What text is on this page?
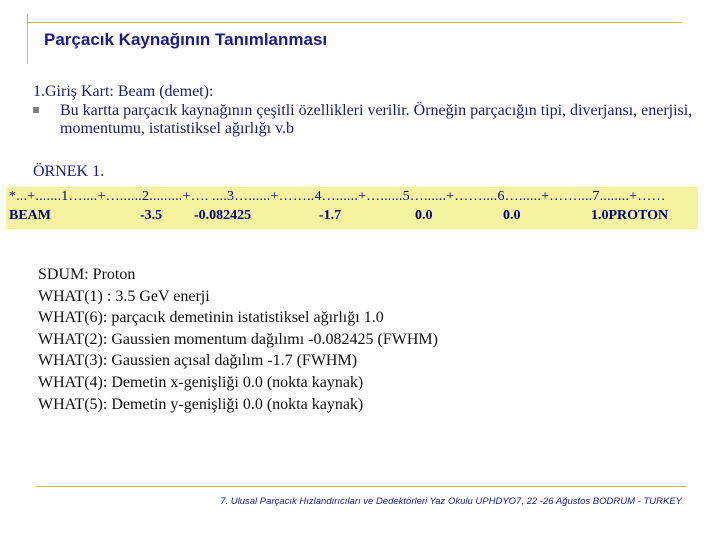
Parçacık Kaynağının Tanımlanması
1.Giriş Kart: Beam (demet):
Bu kartta parçacık kaynağının çeşitli özellikleri verilir. Örneğin parçacığın tipi, diverjansı, enerjisi, momentumu, istatistiksel ağırlığı v.b
ÖRNEK 1.
*...+.......1…....+…......2.........+…. ....3…......+……..4…......+…......5…......+……....6…......+……....7........+……
BEAM	-3.5 -0.082425	-1.7	0.0	0.0	1.0PROTON
SDUM: Proton
WHAT(1) : 3.5 GeV enerji
WHAT(6): parçacık demetinin istatistiksel ağırlığı 1.0
WHAT(2): Gaussien momentum dağılımı -0.082425 (FWHM)
WHAT(3): Gaussien açısal dağılım -1.7 (FWHM)
WHAT(4): Demetin x-genişliği 0.0 (nokta kaynak)
WHAT(5): Demetin y-genişliği 0.0 (nokta kaynak)
7. Ulusal Parçacık Hızlandırıcıları ve Dedektörleri Yaz Okulu UPHDYO7, 22 -26 Ağustos BODRUM - TURKEY
